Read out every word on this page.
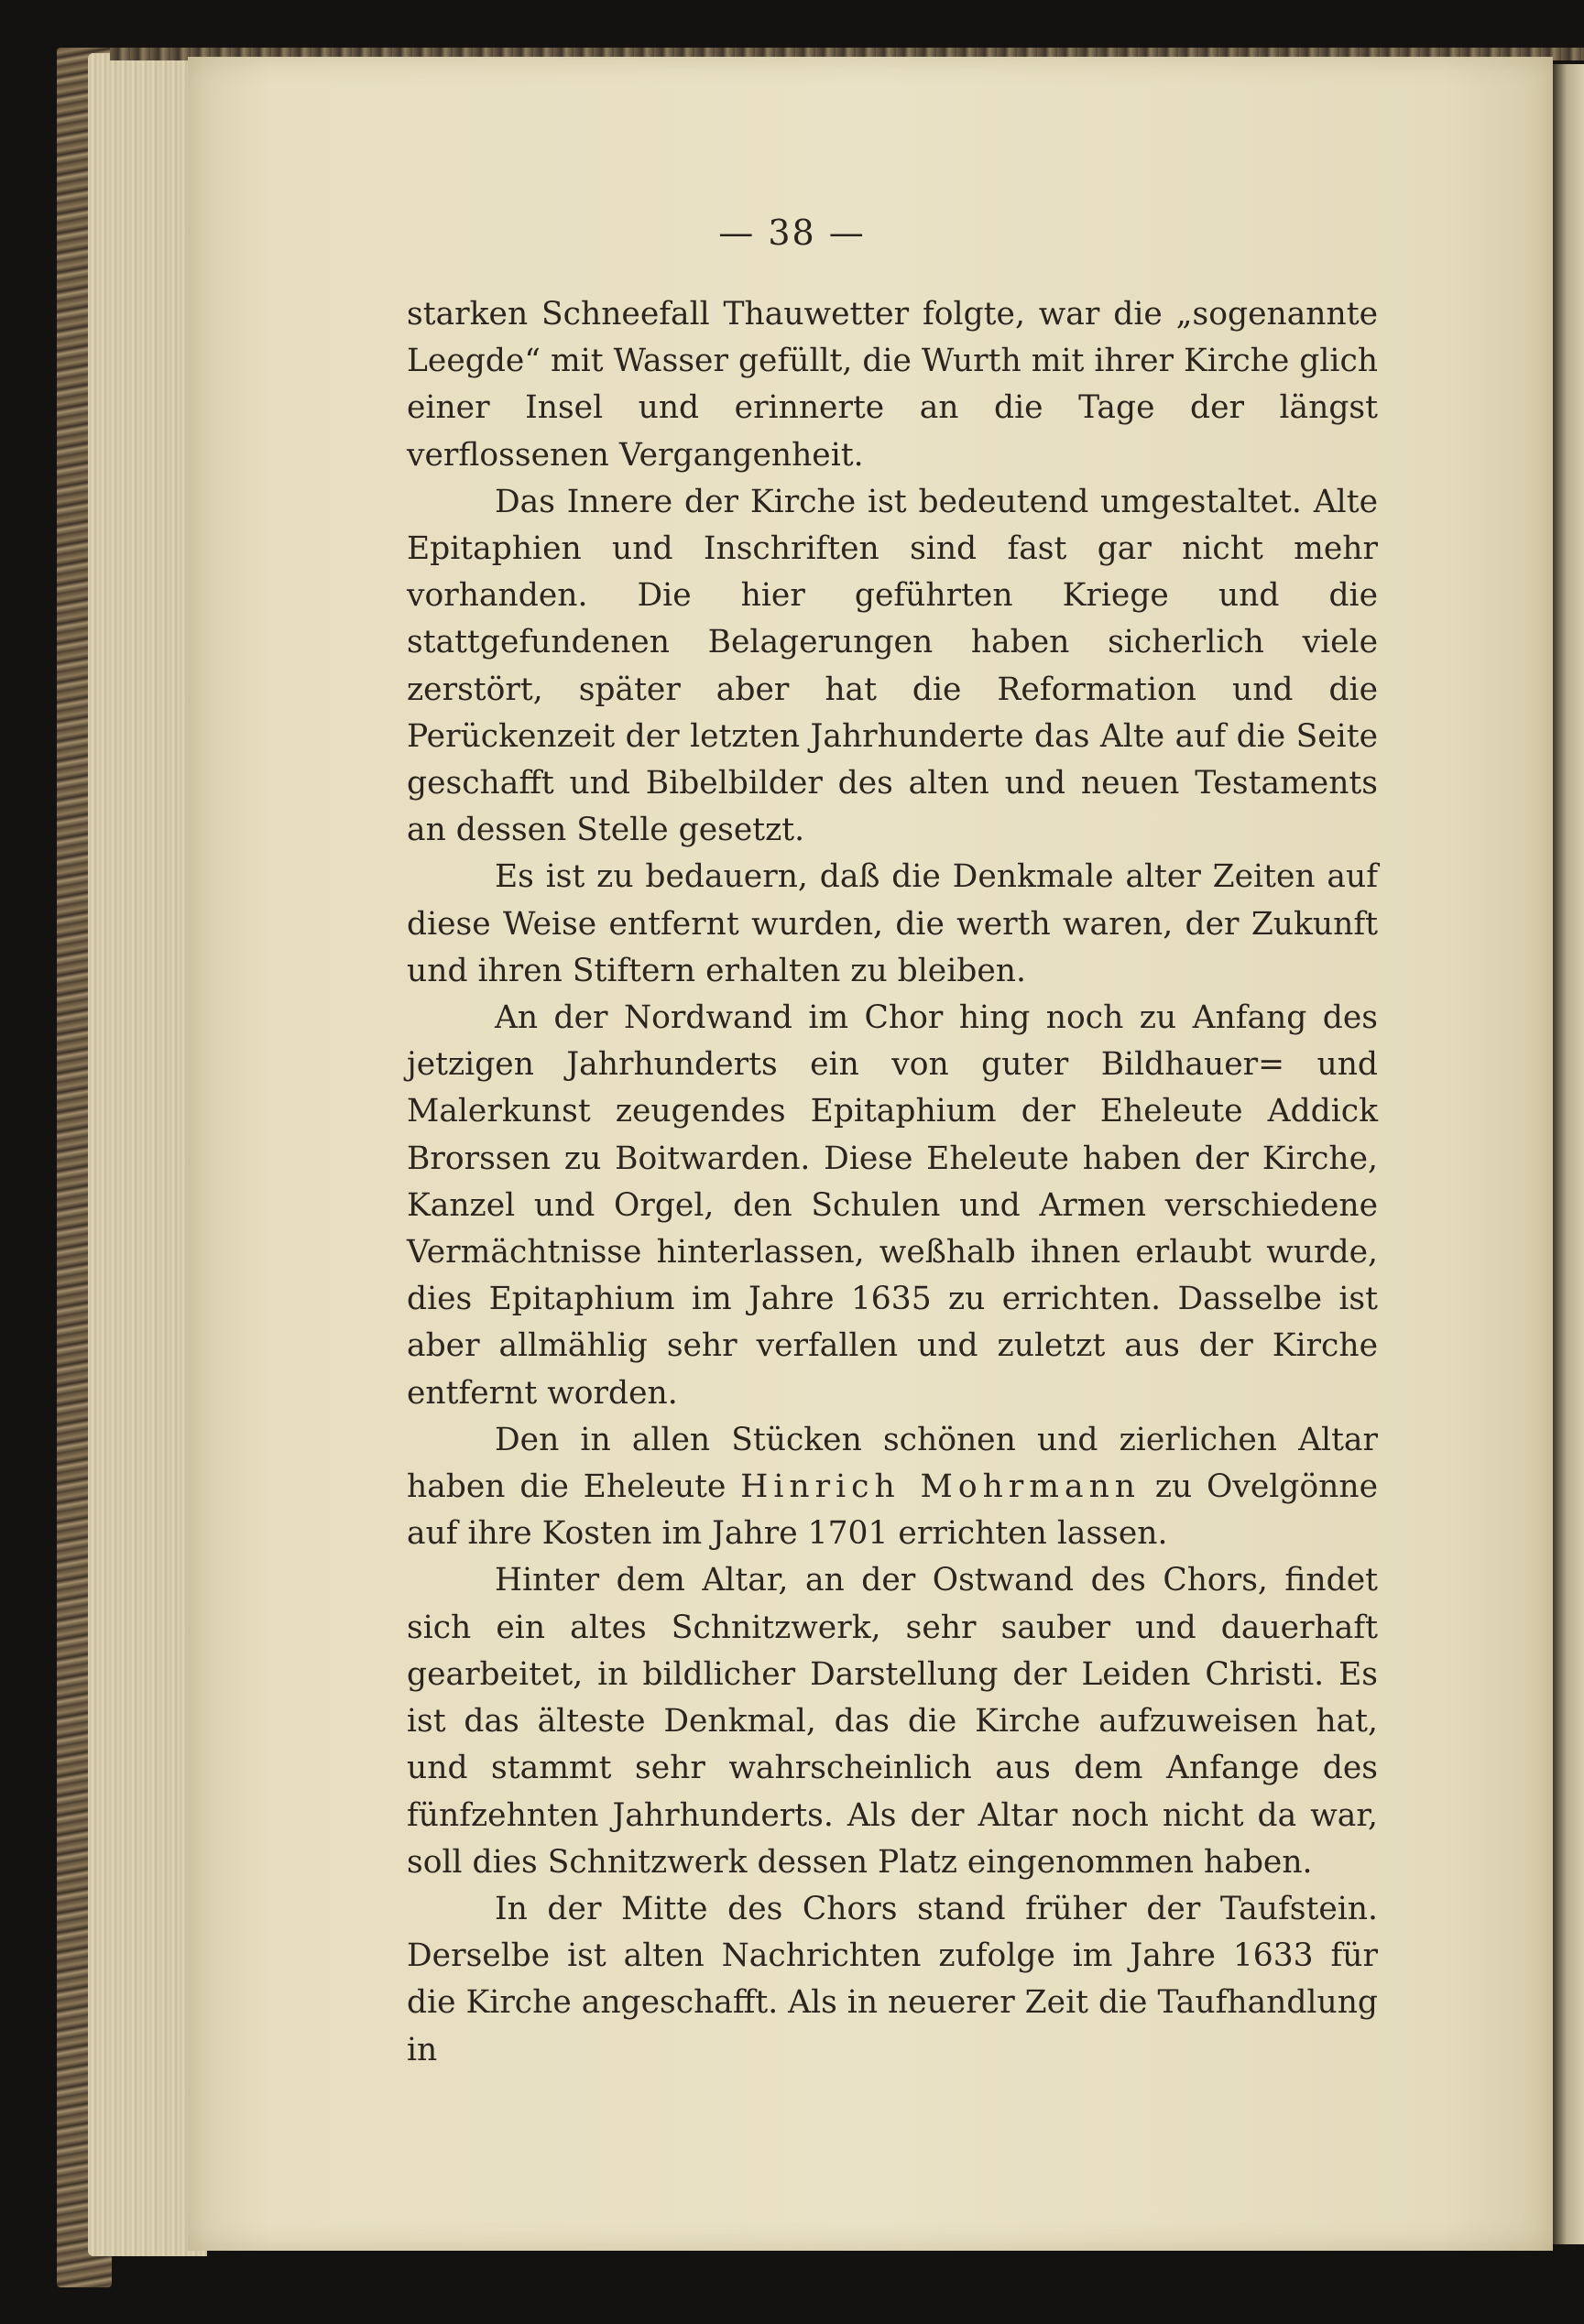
— 38 —

starken Schneefall Thauwetter folgte, war die „sogenannte Leegde“ mit Wasser gefüllt, die Wurth mit ihrer Kirche glich einer Insel und erinnerte an die Tage der längst verflossenen Vergangenheit.

Das Innere der Kirche ist bedeutend umgestaltet. Alte Epitaphien und Inschriften sind fast gar nicht mehr vorhanden. Die hier geführten Kriege und die stattgefundenen Belagerungen haben sicherlich viele zerstört, später aber hat die Reformation und die Perückenzeit der letzten Jahrhunderte das Alte auf die Seite geschafft und Bibelbilder des alten und neuen Testaments an dessen Stelle gesetzt.

Es ist zu bedauern, daß die Denkmale alter Zeiten auf diese Weise entfernt wurden, die werth waren, der Zukunft und ihren Stiftern erhalten zu bleiben.

An der Nordwand im Chor hing noch zu Anfang des jetzigen Jahrhunderts ein von guter Bildhauer= und Malerkunst zeugendes Epitaphium der Eheleute Addick Brorssen zu Boitwarden. Diese Eheleute haben der Kirche, Kanzel und Orgel, den Schulen und Armen verschiedene Vermächtnisse hinterlassen, weßhalb ihnen erlaubt wurde, dies Epitaphium im Jahre 1635 zu errichten. Dasselbe ist aber allmählig sehr verfallen und zuletzt aus der Kirche entfernt worden.

Den in allen Stücken schönen und zierlichen Altar haben die Eheleute Hinrich Mohrmann zu Ovelgönne auf ihre Kosten im Jahre 1701 errichten lassen.

Hinter dem Altar, an der Ostwand des Chors, findet sich ein altes Schnitzwerk, sehr sauber und dauerhaft gearbeitet, in bildlicher Darstellung der Leiden Christi. Es ist das älteste Denkmal, das die Kirche aufzuweisen hat, und stammt sehr wahrscheinlich aus dem Anfange des fünfzehnten Jahrhunderts. Als der Altar noch nicht da war, soll dies Schnitzwerk dessen Platz eingenommen haben.

In der Mitte des Chors stand früher der Taufstein. Derselbe ist alten Nachrichten zufolge im Jahre 1633 für die Kirche angeschafft. Als in neuerer Zeit die Taufhandlung in
